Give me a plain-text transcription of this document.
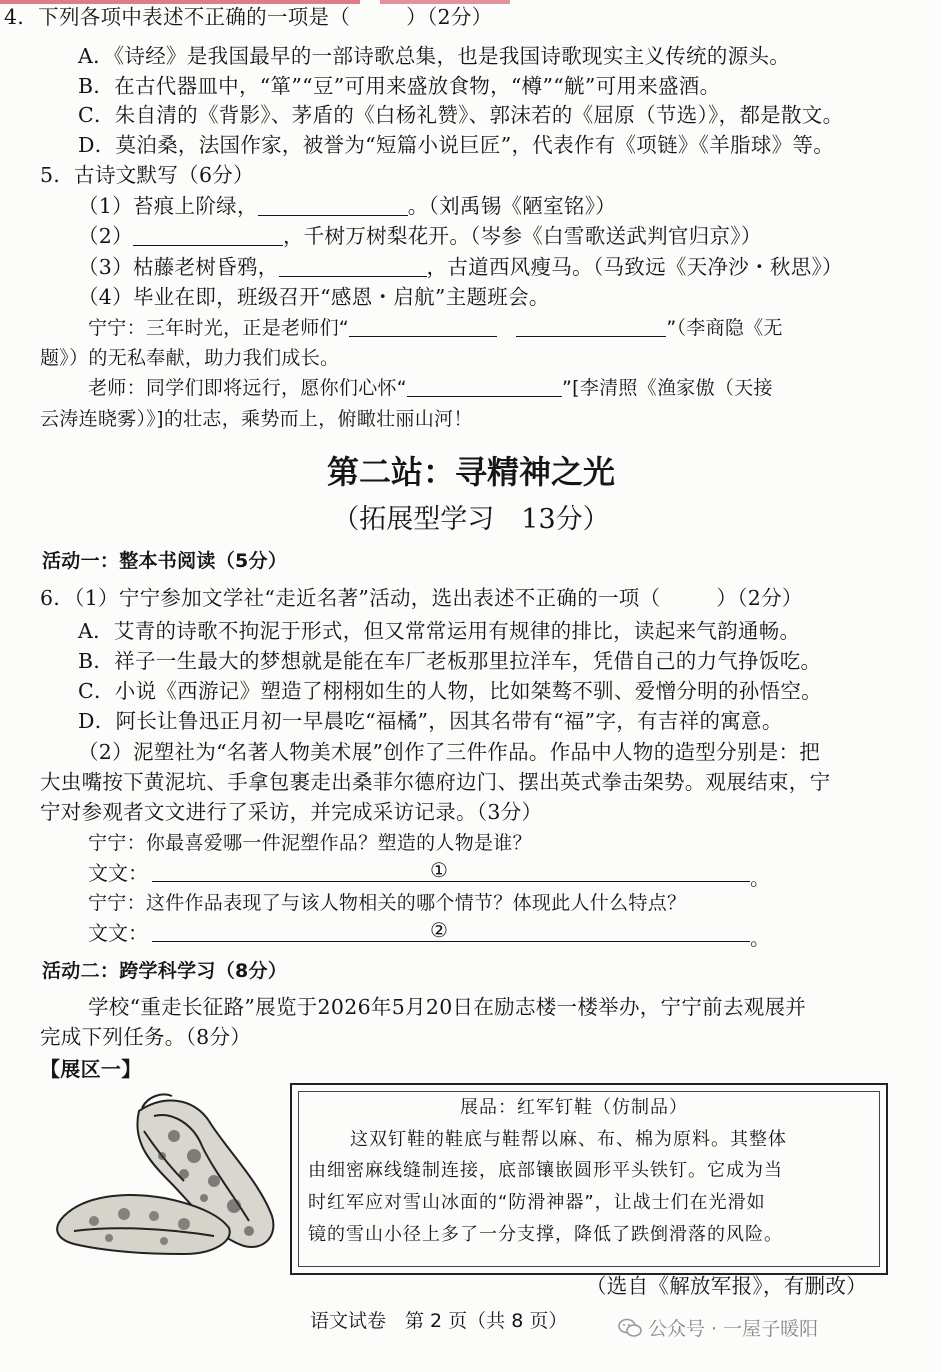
4．下列各项中表述不正确的一项是（	）（2分）
A．《诗经》是我国最早的一部诗歌总集，也是我国诗歌现实主义传统的源头。
B．在古代器皿中，“箪”“豆”可用来盛放食物，“樽”“觥”可用来盛酒。
C．朱自清的《背影》、茅盾的《白杨礼赞》、郭沫若的《屈原（节选）》，都是散文。
D．莫泊桑，法国作家，被誉为“短篇小说巨匠”，代表作有《项链》《羊脂球》等。
5．古诗文默写（6分）
（1）苔痕上阶绿，	。（刘禹锡《陋室铭》）
（2）	，千树万树梨花开。（岑参《白雪歌送武判官归京》）
（3）枯藤老树昏鸦，	，古道西风瘦马。（马致远《天净沙・秋思》）
（4）毕业在即，班级召开“感恩・启航”主题班会。
宁宁：三年时光，正是老师们“　	”（李商隐《无
题》）的无私奉献，助力我们成长。
老师：同学们即将远行，愿你们心怀“	”[李清照《渔家傲（天接
云涛连晓雾）》]的壮志，乘势而上，俯瞰壮丽山河！
第二站：寻精神之光
（拓展型学习　13分）
活动一：整本书阅读（5分）
6．（1）宁宁参加文学社“走近名著”活动，选出表述不正确的一项（	）（2分）
A．艾青的诗歌不拘泥于形式，但又常常运用有规律的排比，读起来气韵通畅。
B．祥子一生最大的梦想就是能在车厂老板那里拉洋车，凭借自己的力气挣饭吃。
C．小说《西游记》塑造了栩栩如生的人物，比如桀骜不驯、爱憎分明的孙悟空。
D．阿长让鲁迅正月初一早晨吃“福橘”，因其名带有“福”字，有吉祥的寓意。
（2）泥塑社为“名著人物美术展”创作了三件作品。作品中人物的造型分别是：把
大虫嘴按下黄泥坑、手拿包裹走出桑菲尔德府边门、摆出英式拳击架势。观展结束，宁
宁对参观者文文进行了采访，并完成采访记录。（3分）
宁宁：你最喜爱哪一件泥塑作品？塑造的人物是谁？
文文：	①	。
宁宁：这件作品表现了与该人物相关的哪个情节？体现此人什么特点？
文文：	②	。
活动二：跨学科学习（8分）
学校“重走长征路”展览于2026年5月20日在励志楼一楼举办，宁宁前去观展并
完成下列任务。（8分）
【展区一】
展品：红军钉鞋（仿制品）
这双钉鞋的鞋底与鞋帮以麻、布、棉为原料。其整体
由细密麻线缝制连接，底部镶嵌圆形平头铁钉。它成为当
时红军应对雪山冰面的“防滑神器”，让战士们在光滑如
镜的雪山小径上多了一分支撑，降低了跌倒滑落的风险。
（选自《解放军报》，有删改）
语文试卷　第 2 页（共 8 页）	公众号 · 一屋子暖阳
